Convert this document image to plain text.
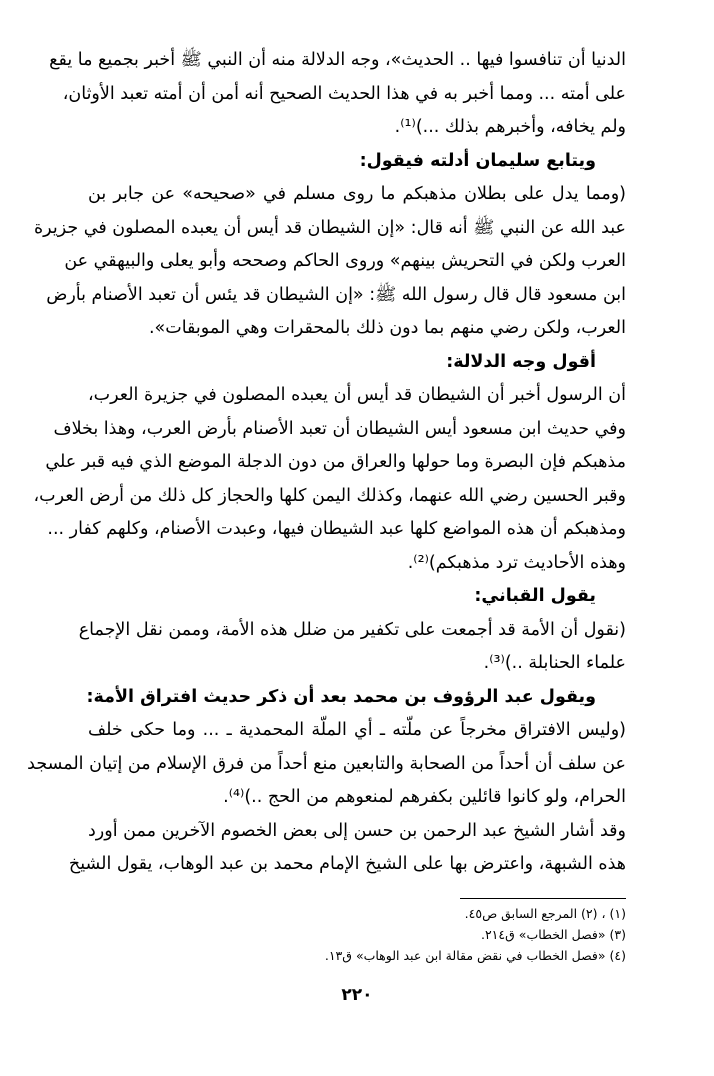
الدنيا أن تنافسوا فيها .. الحديث»، وجه الدلالة منه أن النبي ﷺ أخبر بجميع ما يقع
على أمته ... ومما أخبر به في هذا الحديث الصحيح أنه أمن أن أمته تعبد الأوثان،
ولم يخافه، وأخبرهم بذلك ...)⁽¹⁾.
ويتابع سليمان أدلته فيقول:
(ومما يدل على بطلان مذهبكم ما روى مسلم في «صحيحه» عن جابر بن
عبد الله عن النبي ﷺ أنه قال: «إن الشيطان قد أيس أن يعبده المصلون في جزيرة
العرب ولكن في التحريش بينهم» وروى الحاكم وصححه وأبو يعلى والبيهقي عن
ابن مسعود قال قال رسول الله ﷺ: «إن الشيطان قد يئس أن تعبد الأصنام بأرض
العرب، ولكن رضي منهم بما دون ذلك بالمحقرات وهي الموبقات».
أقول وجه الدلالة:
أن الرسول أخبر أن الشيطان قد أيس أن يعبده المصلون في جزيرة العرب،
وفي حديث ابن مسعود أيس الشيطان أن تعبد الأصنام بأرض العرب، وهذا بخلاف
مذهبكم فإن البصرة وما حولها والعراق من دون الدجلة الموضع الذي فيه قبر علي
وقبر الحسين رضي الله عنهما، وكذلك اليمن كلها والحجاز كل ذلك من أرض العرب،
ومذهبكم أن هذه المواضع كلها عبد الشيطان فيها، وعبدت الأصنام، وكلهم كفار ...
وهذه الأحاديث ترد مذهبكم)⁽²⁾.
يقول القباني:
(نقول أن الأمة قد أجمعت على تكفير من ضلل هذه الأمة، وممن نقل الإجماع
علماء الحنابلة ..)⁽³⁾.
ويقول عبد الرؤوف بن محمد بعد أن ذكر حديث افتراق الأمة:
(وليس الافتراق مخرجاً عن ملّته ـ أي الملّة المحمدية ـ ... وما حكى خلف
عن سلف أن أحداً من الصحابة والتابعين منع أحداً من فرق الإسلام من إتيان المسجد
الحرام، ولو كانوا قائلين بكفرهم لمنعوهم من الحج ..)⁽⁴⁾.
وقد أشار الشيخ عبد الرحمن بن حسن إلى بعض الخصوم الآخرين ممن أورد
هذه الشبهة، واعترض بها على الشيخ الإمام محمد بن عبد الوهاب، يقول الشيخ
(١) ، (٢) المرجع السابق ص٤٥.
(٣) «فصل الخطاب» ق٢١٤.
(٤) «فصل الخطاب في نقض مقالة ابن عبد الوهاب» ق١٣.
٢٢٠
